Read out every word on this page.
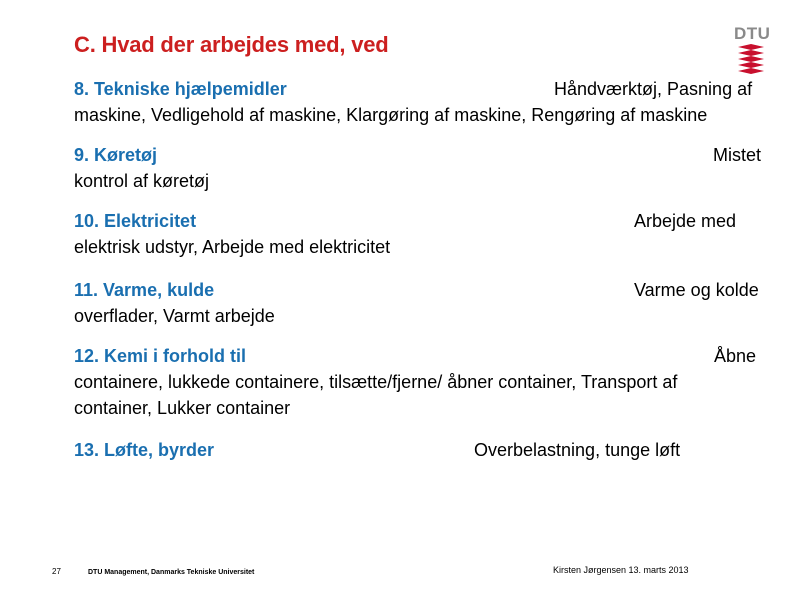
C. Hvad der arbejdes med, ved	DTU
8. Tekniske hjælpemidler	Håndværktøj, Pasning af
maskine, Vedligehold af maskine, Klargøring af maskine, Rengøring af maskine
9. Køretøj	Mistet
kontrol af køretøj
10. Elektricitet	Arbejde med
elektrisk udstyr, Arbejde med elektricitet
11. Varme, kulde	Varme og kolde
overflader, Varmt arbejde
12. Kemi i forhold til	Åbne
containere, lukkede containere, tilsætte/fjerne/ åbner container, Transport af
container, Lukker container
13. Løfte, byrder	Overbelastning, tunge løft
27	DTU Management, Danmarks Tekniske Universitet	Kirsten Jørgensen 13. marts 2013
